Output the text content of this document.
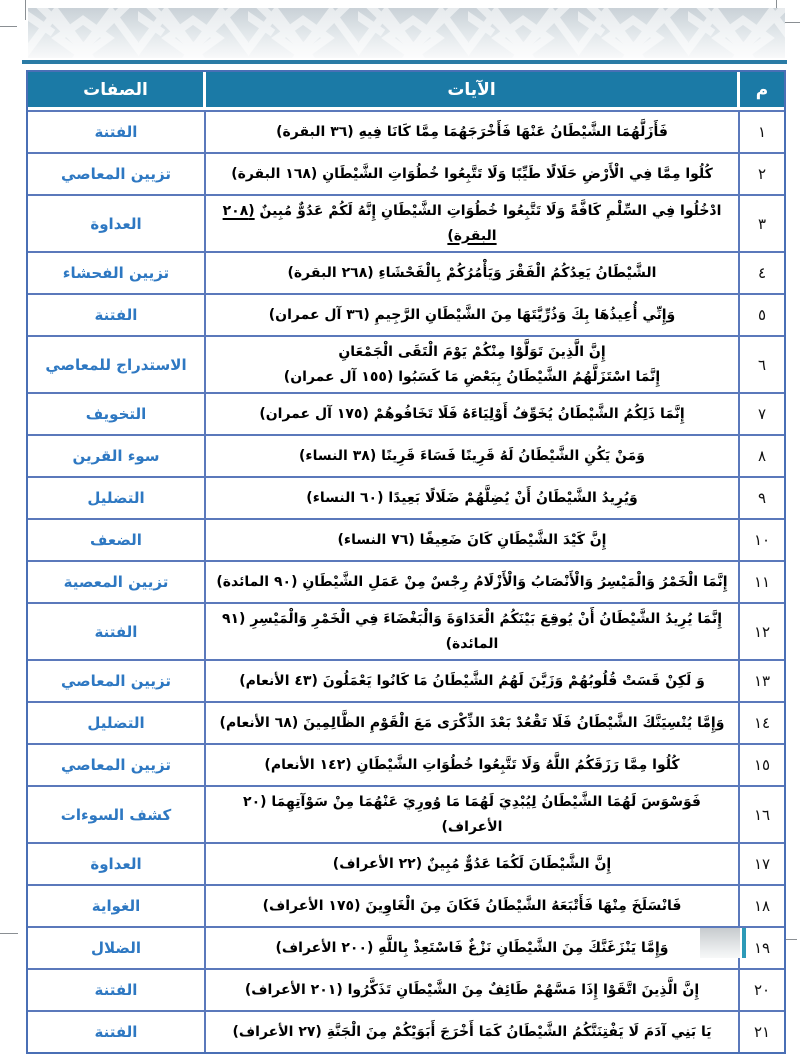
م	الآيات	الصفات
١	فَأَزَلَّهُمَا الشَّيْطَانُ عَنْهَا فَأَخْرَجَهُمَا مِمَّا كَانَا فِيهِ (٣٦ البقرة)	الفتنة
٢	كُلُوا مِمَّا فِي الْأَرْضِ حَلَالًا طَيِّبًا وَلَا تَتَّبِعُوا خُطُوَاتِ الشَّيْطَانِ (١٦٨ البقرة)	تزيين المعاصي
٣	ادْخُلُوا فِي السِّلْمِ كَافَّةً وَلَا تَتَّبِعُوا خُطُوَاتِ الشَّيْطَانِ إِنَّهُ لَكُمْ عَدُوٌّ مُبِينٌ (٢٠٨
البقرة)	العداوة
٤	الشَّيْطَانُ يَعِدُكُمُ الْفَقْرَ وَيَأْمُرُكُمْ بِالْفَحْشَاءِ (٢٦٨ البقرة)	تزيين الفحشاء
٥	وَإِنِّي أُعِيذُهَا بِكَ وَذُرِّيَّتَهَا مِنَ الشَّيْطَانِ الرَّجِيمِ (٣٦ آل عمران)	الفتنة
٦	إِنَّ الَّذِينَ تَوَلَّوْا مِنْكُمْ يَوْمَ الْتَقَى الْجَمْعَانِ
إِنَّمَا اسْتَزَلَّهُمُ الشَّيْطَانُ بِبَعْضِ مَا كَسَبُوا (١٥٥ آل عمران)	الاستدراج للمعاصي
٧	إِنَّمَا ذَلِكُمُ الشَّيْطَانُ يُخَوِّفُ أَوْلِيَاءَهُ فَلَا تَخَافُوهُمْ (١٧٥ آل عمران)	التخويف
٨	وَمَنْ يَكُنِ الشَّيْطَانُ لَهُ قَرِينًا فَسَاءَ قَرِينًا (٣٨ النساء)	سوء القرين
٩	وَيُرِيدُ الشَّيْطَانُ أَنْ يُضِلَّهُمْ ضَلَالًا بَعِيدًا (٦٠ النساء)	التضليل
١٠	إِنَّ كَيْدَ الشَّيْطَانِ كَانَ ضَعِيفًا (٧٦ النساء)	الضعف
١١	إِنَّمَا الْخَمْرُ وَالْمَيْسِرُ وَالْأَنْصَابُ وَالْأَزْلَامُ رِجْسٌ مِنْ عَمَلِ الشَّيْطَانِ (٩٠ المائدة)	تزيين المعصية
١٢	إِنَّمَا يُرِيدُ الشَّيْطَانُ أَنْ يُوقِعَ بَيْنَكُمُ الْعَدَاوَةَ وَالْبَغْضَاءَ فِي الْخَمْرِ وَالْمَيْسِرِ (٩١
المائدة)	الفتنة
١٣	وَ لَكِنْ قَسَتْ قُلُوبُهُمْ وَزَيَّنَ لَهُمُ الشَّيْطَانُ مَا كَانُوا يَعْمَلُونَ (٤٣ الأنعام)	تزيين المعاصي
١٤	وَإِمَّا يُنْسِيَنَّكَ الشَّيْطَانُ فَلَا تَقْعُدْ بَعْدَ الذِّكْرَى مَعَ الْقَوْمِ الظَّالِمِينَ (٦٨ الأنعام)	التضليل
١٥	كُلُوا مِمَّا رَزَقَكُمُ اللَّهُ وَلَا تَتَّبِعُوا خُطُوَاتِ الشَّيْطَانِ (١٤٢ الأنعام)	تزيين المعاصي
١٦	فَوَسْوَسَ لَهُمَا الشَّيْطَانُ لِيُبْدِيَ لَهُمَا مَا وُورِيَ عَنْهُمَا مِنْ سَوْآتِهِمَا (٢٠ الأعراف)	كشف السوءات
١٧	إِنَّ الشَّيْطَانَ لَكُمَا عَدُوٌّ مُبِينٌ (٢٢ الأعراف)	العداوة
١٨	فَانْسَلَخَ مِنْهَا فَأَتْبَعَهُ الشَّيْطَانُ فَكَانَ مِنَ الْغَاوِينَ (١٧٥ الأعراف)	الغواية
١٩	وَإِمَّا يَنْزَغَنَّكَ مِنَ الشَّيْطَانِ نَزْغٌ فَاسْتَعِذْ بِاللَّهِ (٢٠٠ الأعراف)	الضلال
٢٠	إِنَّ الَّذِينَ اتَّقَوْا إِذَا مَسَّهُمْ طَائِفٌ مِنَ الشَّيْطَانِ تَذَكَّرُوا (٢٠١ الأعراف)	الفتنة
٢١	يَا بَنِي آدَمَ لَا يَفْتِنَنَّكُمُ الشَّيْطَانُ كَمَا أَخْرَجَ أَبَوَيْكُمْ مِنَ الْجَنَّةِ (٢٧ الأعراف)	الفتنة
